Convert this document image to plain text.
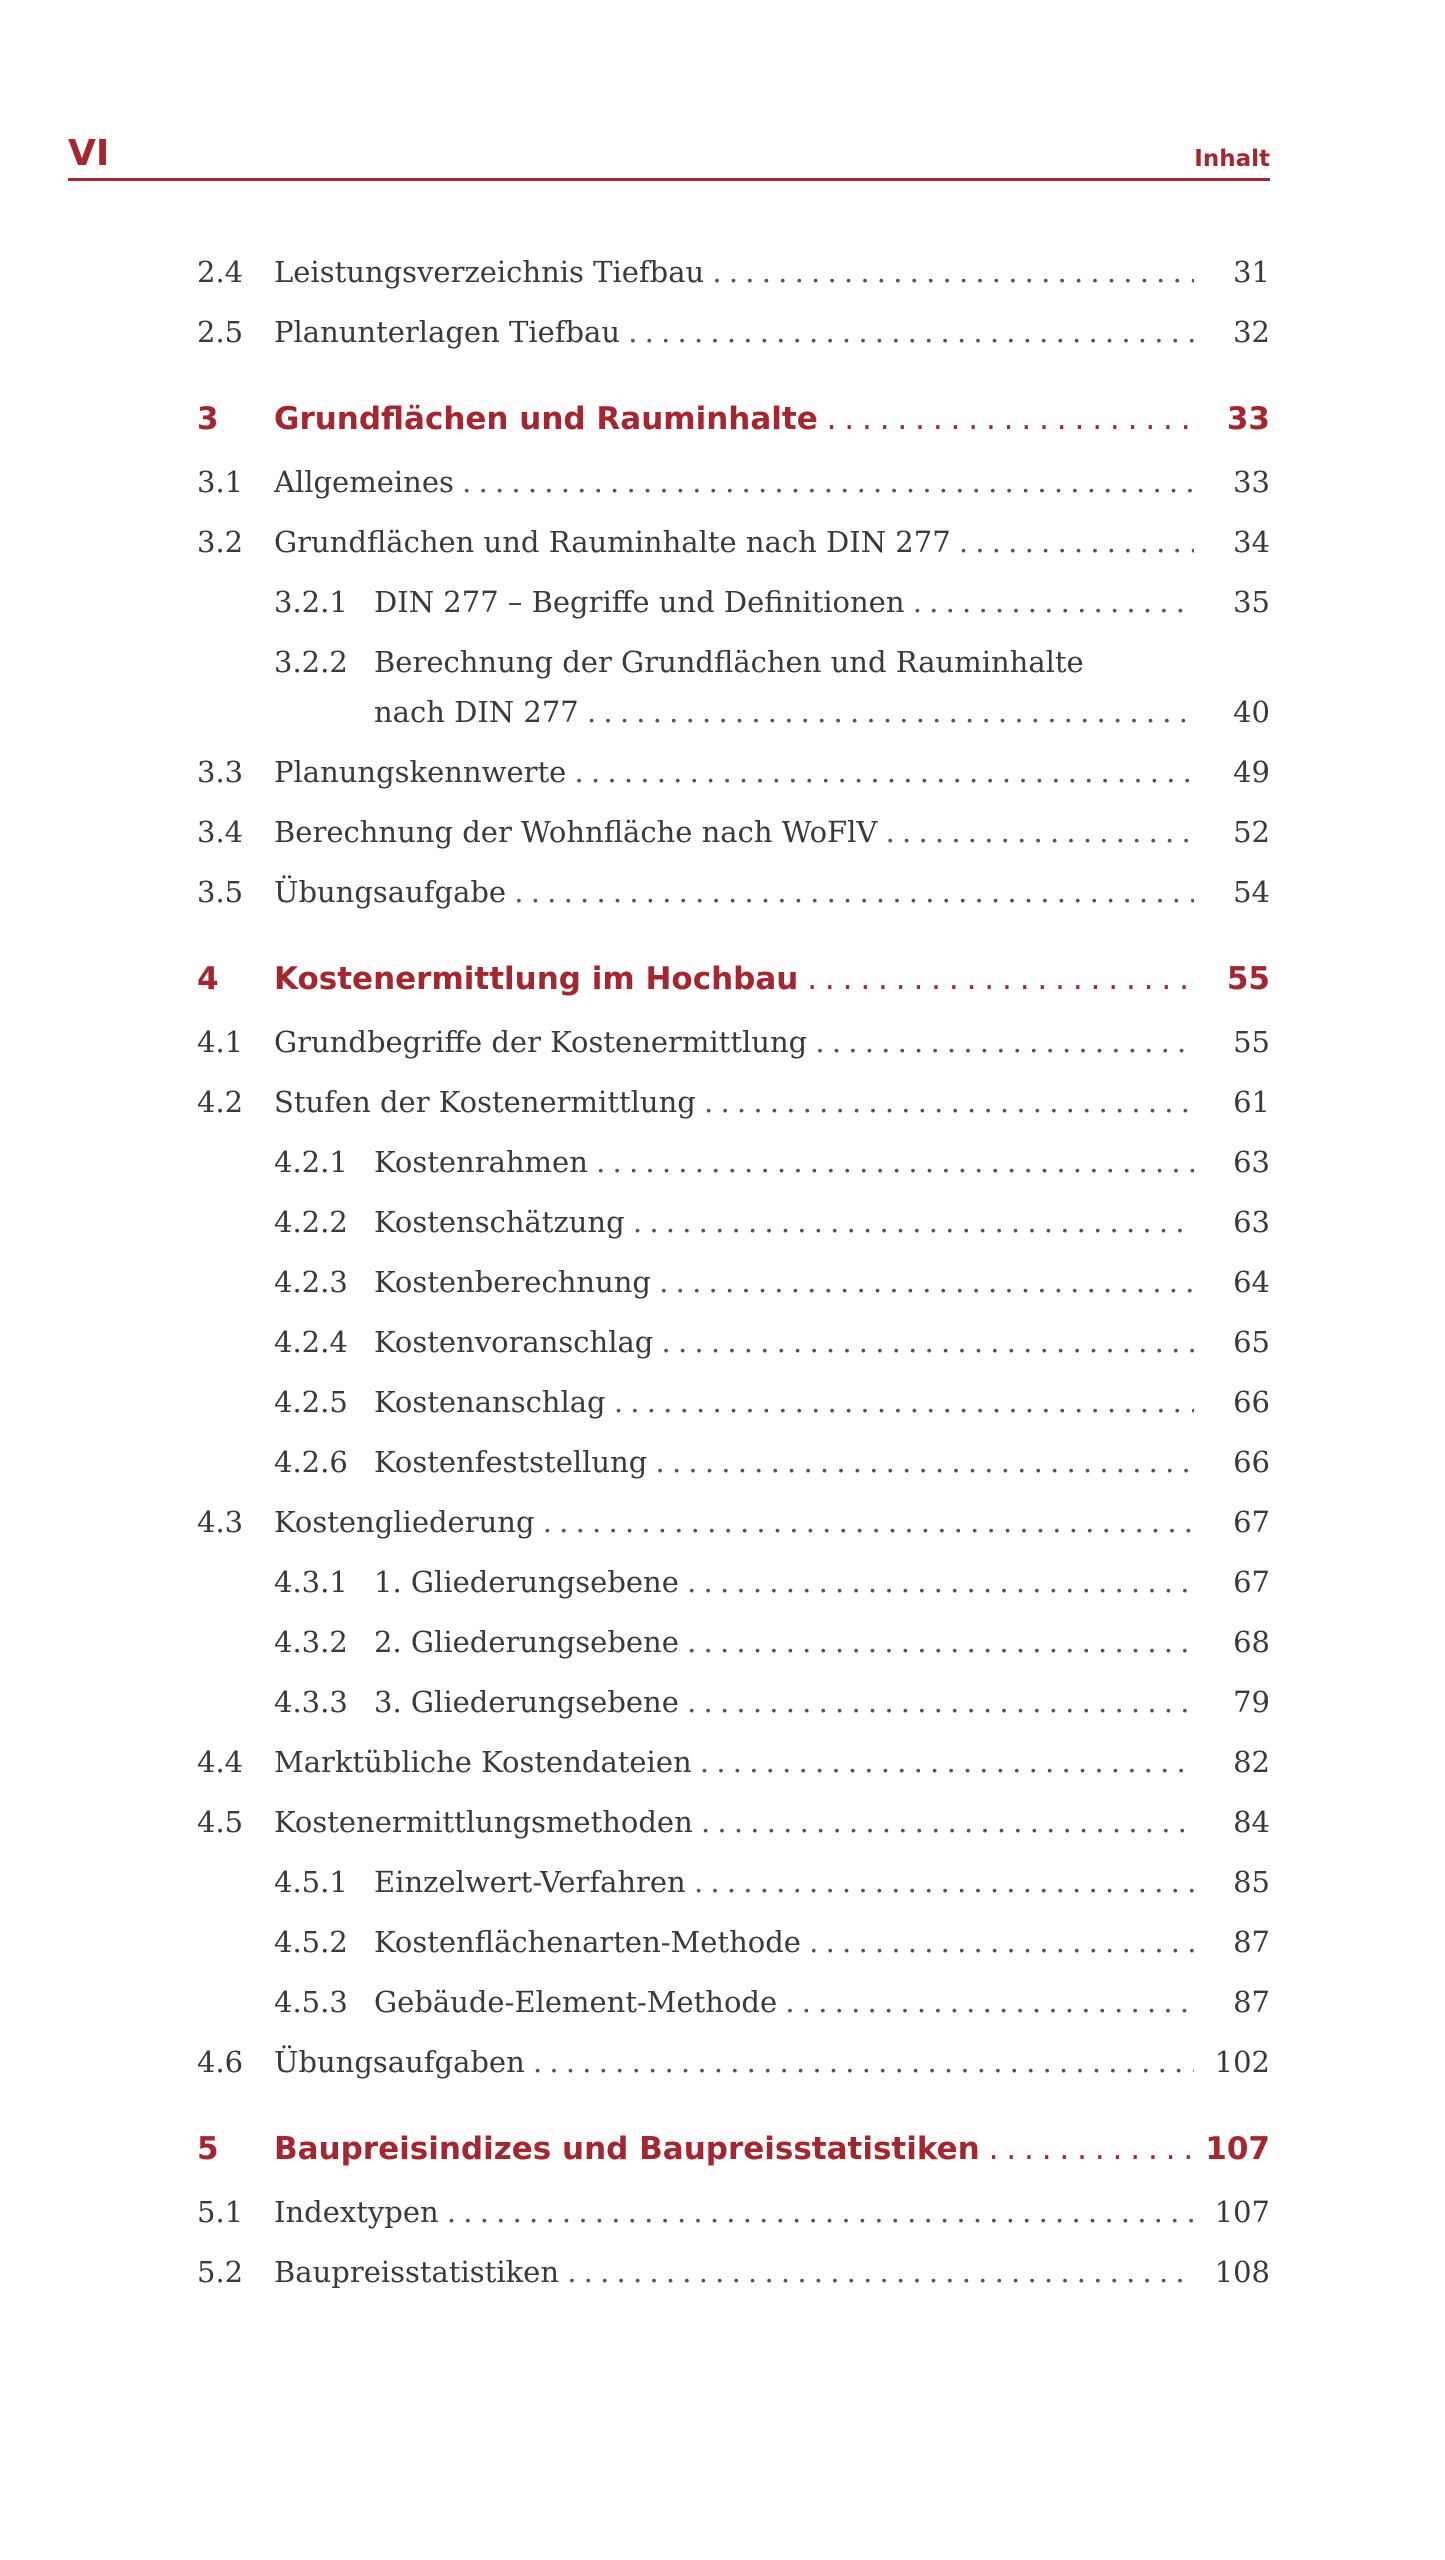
VI	Inhalt
2.4 Leistungsverzeichnis Tiefbau . . .	31
2.5 Planunterlagen Tiefbau . . .	32
3 Grundflächen und Rauminhalte . . .	33
3.1 Allgemeines . . .	33
3.2 Grundflächen und Rauminhalte nach DIN 277 . . .	34
3.2.1 DIN 277 – Begriffe und Definitionen . . .	35
3.2.2 Berechnung der Grundflächen und Rauminhalte
nach DIN 277 . . .	40
3.3 Planungskennwerte . . .	49
3.4 Berechnung der Wohnfläche nach WoFlV . . .	52
3.5 Übungsaufgabe . . .	54
4 Kostenermittlung im Hochbau . . .	55
4.1 Grundbegriffe der Kostenermittlung . . .	55
4.2 Stufen der Kostenermittlung . . .	61
4.2.1 Kostenrahmen . . .	63
4.2.2 Kostenschätzung . . .	63
4.2.3 Kostenberechnung . . .	64
4.2.4 Kostenvoranschlag . . .	65
4.2.5 Kostenanschlag . . .	66
4.2.6 Kostenfeststellung . . .	66
4.3 Kostengliederung . . .	67
4.3.1 1. Gliederungsebene . . .	67
4.3.2 2. Gliederungsebene . . .	68
4.3.3 3. Gliederungsebene . . .	79
4.4 Marktübliche Kostendateien . . .	82
4.5 Kostenermittlungsmethoden . . .	84
4.5.1 Einzelwert-Verfahren . . .	85
4.5.2 Kostenflächenarten-Methode . . .	87
4.5.3 Gebäude-Element-Methode . . .	87
4.6 Übungsaufgaben . . .	102
5 Baupreisindizes und Baupreisstatistiken . . .	107
5.1 Indextypen . . .	107
5.2 Baupreisstatistiken . . .	108
